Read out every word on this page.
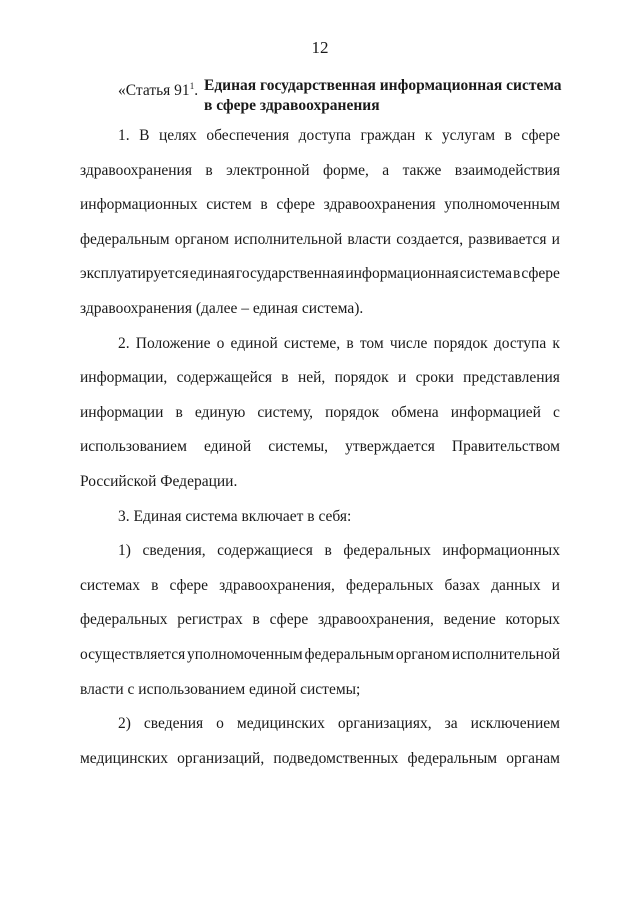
12
«Статья $91^1$. Единая государственная информационная система
в сфере здравоохранения
1. В целях обеспечения доступа граждан к услугам в сфере
здравоохранения в электронной форме, а также взаимодействия
информационных систем в сфере здравоохранения уполномоченным
федеральным органом исполнительной власти создается, развивается и
эксплуатируется единая государственная информационная система в сфере
здравоохранения (далее – единая система).
2. Положение о единой системе, в том числе порядок доступа к
информации, содержащейся в ней, порядок и сроки представления
информации в единую систему, порядок обмена информацией с
использованием единой системы, утверждается Правительством
Российской Федерации.
3. Единая система включает в себя:
1) сведения, содержащиеся в федеральных информационных
системах в сфере здравоохранения, федеральных базах данных и
федеральных регистрах в сфере здравоохранения, ведение которых
осуществляется уполномоченным федеральным органом исполнительной
власти с использованием единой системы;
2) сведения о медицинских организациях, за исключением
медицинских организаций, подведомственных федеральным органам
